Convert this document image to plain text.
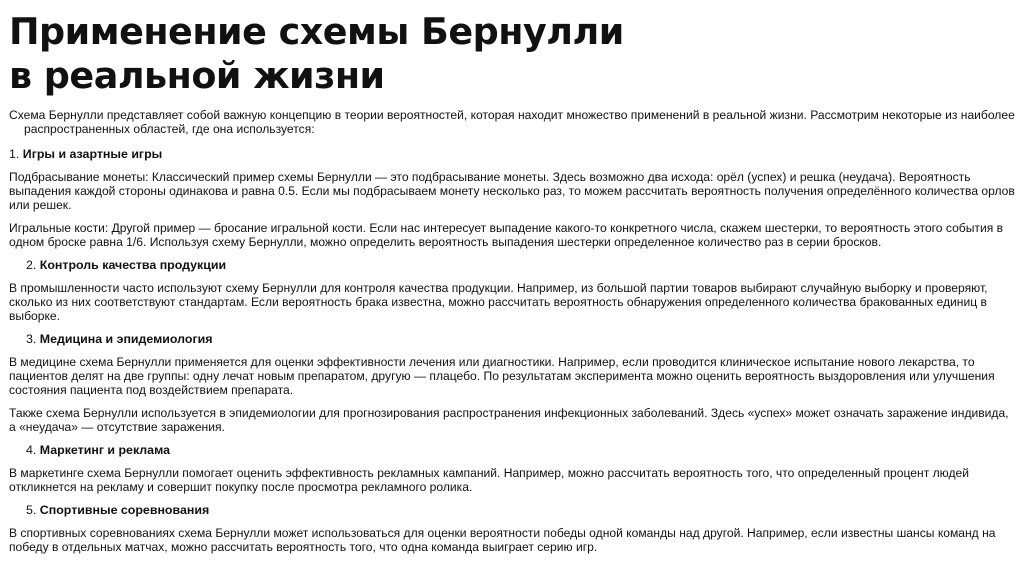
Применение схемы Бернулли
в реальной жизни

Схема Бернулли представляет собой важную концепцию в теории вероятностей, которая находит множество применений в реальной жизни. Рассмотрим некоторые из наиболее распространенных областей, где она используется:

1. Игры и азартные игры

Подбрасывание монеты: Классический пример схемы Бернулли — это подбрасывание монеты. Здесь возможно два исхода: орёл (успех) и решка (неудача). Вероятность выпадения каждой стороны одинакова и равна 0.5. Если мы подбрасываем монету несколько раз, то можем рассчитать вероятность получения определённого количества орлов или решек.

Игральные кости: Другой пример — бросание игральной кости. Если нас интересует выпадение какого-то конкретного числа, скажем шестерки, то вероятность этого события в одном броске равна 1/6. Используя схему Бернулли, можно определить вероятность выпадения шестерки определенное количество раз в серии бросков.

2. Контроль качества продукции

В промышленности часто используют схему Бернулли для контроля качества продукции. Например, из большой партии товаров выбирают случайную выборку и проверяют, сколько из них соответствуют стандартам. Если вероятность брака известна, можно рассчитать вероятность обнаружения определенного количества бракованных единиц в выборке.

3. Медицина и эпидемиология

В медицине схема Бернулли применяется для оценки эффективности лечения или диагностики. Например, если проводится клиническое испытание нового лекарства, то пациентов делят на две группы: одну лечат новым препаратом, другую — плацебо. По результатам эксперимента можно оценить вероятность выздоровления или улучшения состояния пациента под воздействием препарата.

Также схема Бернулли используется в эпидемиологии для прогнозирования распространения инфекционных заболеваний. Здесь «успех» может означать заражение индивида, а «неудача» — отсутствие заражения.

4. Маркетинг и реклама

В маркетинге схема Бернулли помогает оценить эффективность рекламных кампаний. Например, можно рассчитать вероятность того, что определенный процент людей откликнется на рекламу и совершит покупку после просмотра рекламного ролика.

5. Спортивные соревнования

В спортивных соревнованиях схема Бернулли может использоваться для оценки вероятности победы одной команды над другой. Например, если известны шансы команд на победу в отдельных матчах, можно рассчитать вероятность того, что одна команда выиграет серию игр.
